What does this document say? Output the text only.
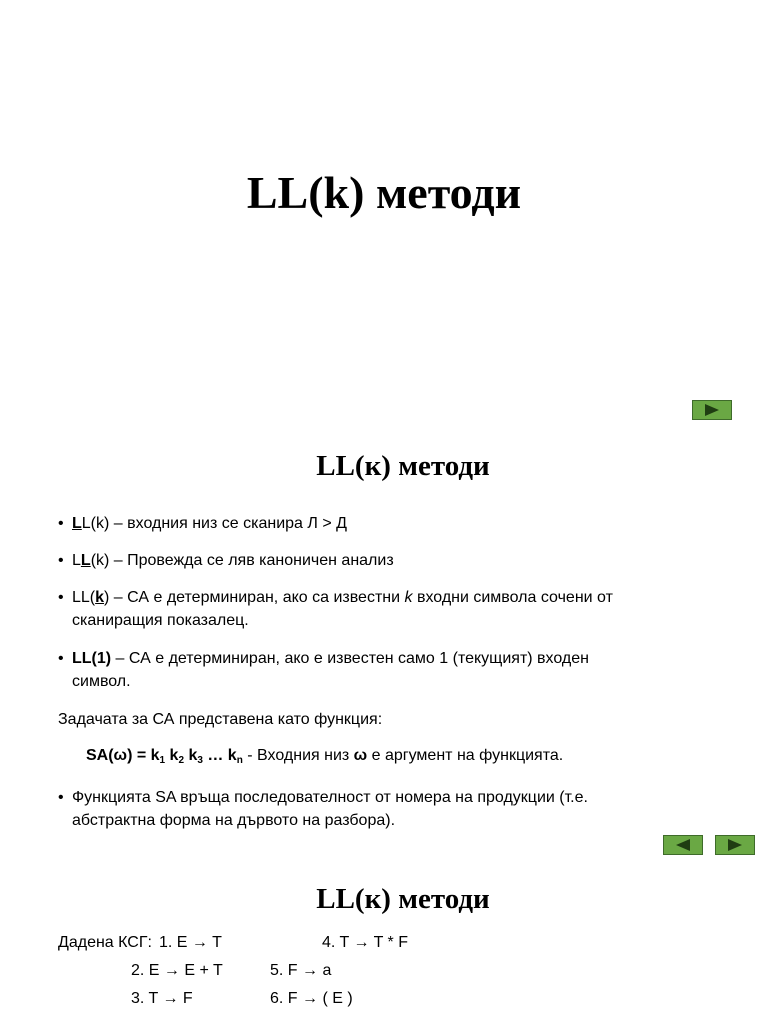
LL(k) методи
LL(к) методи
• LL(k) – входния низ се сканира Л > Д
• LL(k) – Провежда се ляв каноничен анализ
• LL(k) – СА е детерминиран, ако са известни k входни символа сочени от
сканиращия показалец.
• LL(1) – СА е детерминиран, ако е известен само 1 (текущият) входен
символ.
Задачата за СА представена като функция:
$SA(\omega) = k_1$ $k_2$ $k_3$ … $k_n$ - Входния низ ω е аргумент на функцията.
• Функцията SA връща последователност от номера на продукции (т.е.
абстрактна форма на дървото на разбора).
LL(к) методи
Дадена КСГ: 1. E → T
2. E → E + T
3. T → F
4. T → T * F
5. F → a
6. F → ( E )
